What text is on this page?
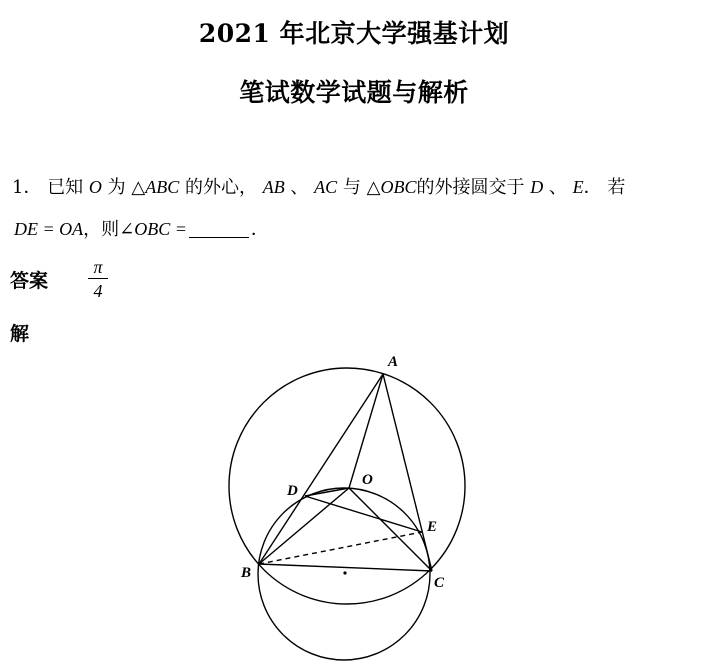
2021 年北京大学强基计划
笔试数学试题与解析
1． 已知 O 为 △ABC 的外心， AB 、 AC 与 △OBC的外接圆交于 D 、 E． 若
DE = OA，则∠OBC =	．
答案 $\frac{\pi}{4}$
解
A
B
C
D
E
O
